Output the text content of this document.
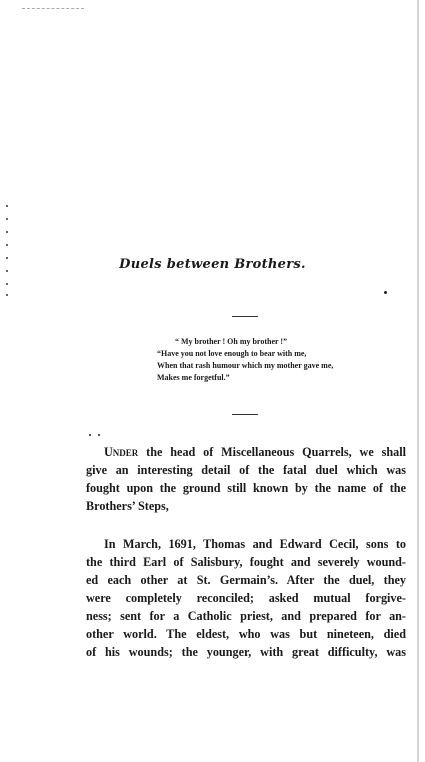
Duels between Brothers.
“ My brother ! Oh my brother !”
“Have you not love enough to bear with me,
When that rash humour which my mother gave me,
Makes me forgetful.”
Under the head of Miscellaneous Quarrels, we shall
give an interesting detail of the fatal duel which was
fought upon the ground still known by the name of the
Brothers’ Steps,
In March, 1691, Thomas and Edward Cecil, sons to
the third Earl of Salisbury, fought and severely wound-
ed each other at St. Germain’s. After the duel, they
were completely reconciled; asked mutual forgive-
ness; sent for a Catholic priest, and prepared for an-
other world. The eldest, who was but nineteen, died
of his wounds; the younger, with great difficulty, was
